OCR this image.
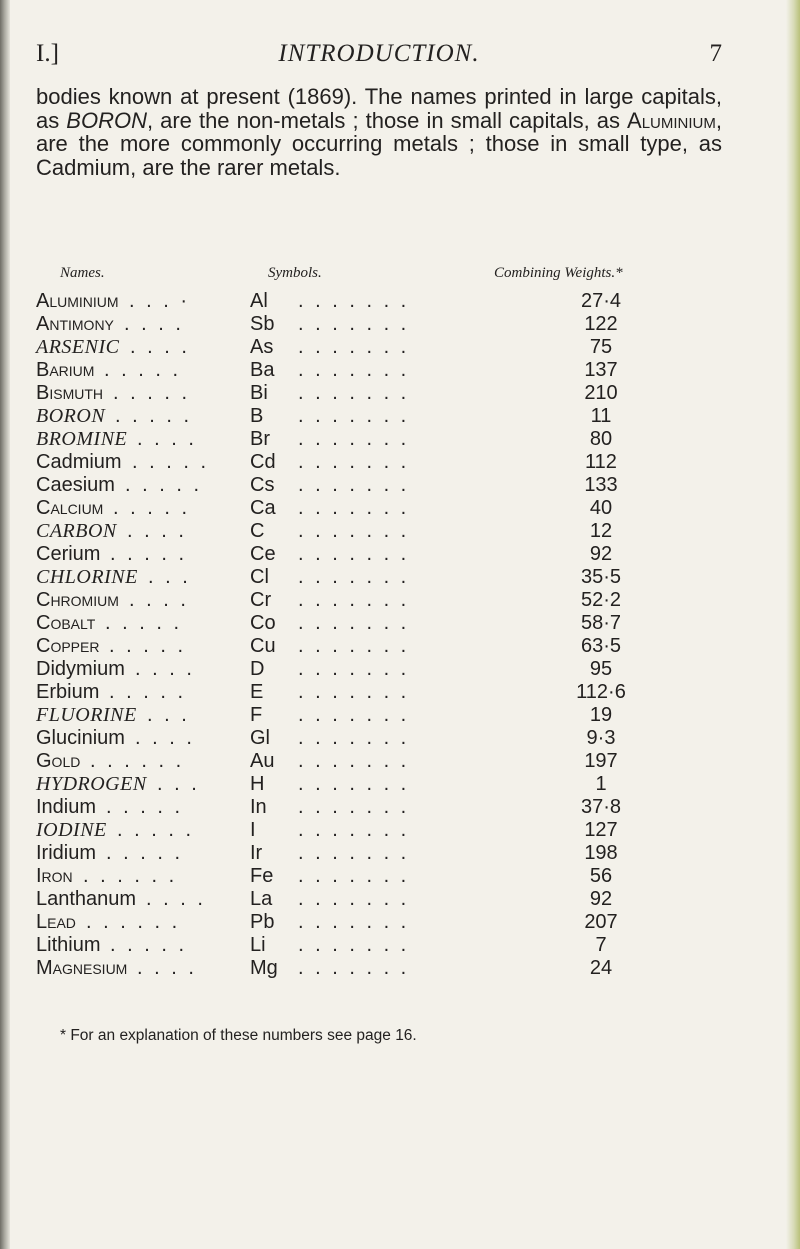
I.]	INTRODUCTION.	7
bodies known at present (1869). The names printed in large capitals, as BORON, are the non-metals ; those in small capitals, as Aluminium, are the more commonly occurring metals ; those in small type, as Cadmium, are the rarer metals.
Names.	Symbols.	Combining Weights.*
Aluminium . . . ·	Al . . . . . . .	27·4
Antimony . . . .	Sb . . . . . . .	122
ARSENIC . . . .	As . . . . . . .	75
Barium . . . . .	Ba . . . . . . .	137
Bismuth . . . . .	Bi . . . . . . .	210
BORON . . . . .	B . . . . . . .	11
BROMINE . . . .	Br . . . . . . .	80
Cadmium . . . . . Cd . . . . . . .	112
Caesium . . . . . Cs . . . . . . .	133
Calcium . . . . .	Ca . . . . . . .	40
CARBON . . . .	C . . . . . . .	12
Cerium . . . . .	Ce . . . . . . .	92
CHLORINE . . .	Cl . . . . . . .	35·5
Chromium . . . .	Cr . . . . . . .	52·2
Cobalt . . . . .	Co . . . . . . .	58·7
Copper . . . . .	Cu . . . . . . .	63·5
Didymium . . . .	D . . . . . . .	95
Erbium . . . . .	E . . . . . . .	112·6
FLUORINE . . .	F . . . . . . .	19
Glucinium . . . .	Gl . . . . . . .	9·3
Gold . . . . . .	Au . . . . . . .	197
HYDROGEN . . .	H . . . . . . .	1
Indium . . . . .	In . . . . . . .	37·8
IODINE . . . . .	I . . . . . . .	127
Iridium . . . . .	Ir . . . . . . .	198
Iron . . . . . .	Fe . . . . . . .	56
Lanthanum . . . . La . . . . . . .	92
Lead . . . . . .	Pb . . . . . . .	207
Lithium . . . . .	Li . . . . . . .	7
Magnesium . . . .	Mg . . . . . . .	24
* For an explanation of these numbers see page 16.
